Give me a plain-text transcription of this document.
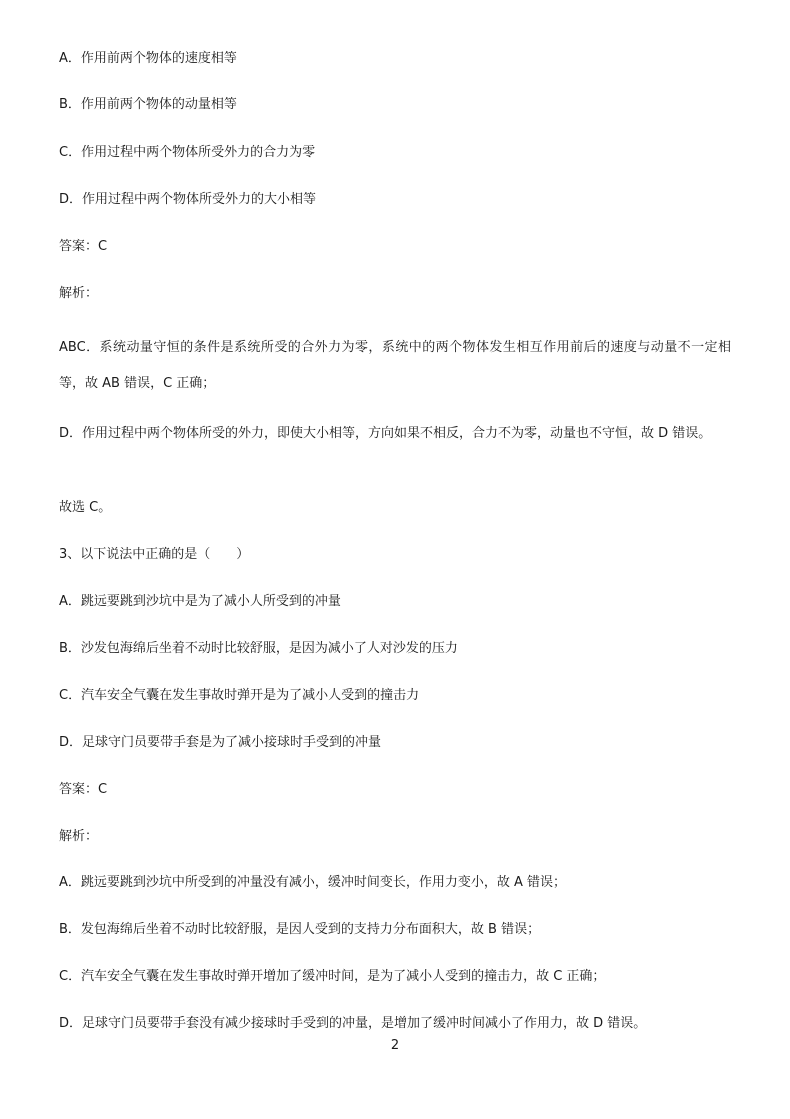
A．作用前两个物体的速度相等
B．作用前两个物体的动量相等
C．作用过程中两个物体所受外力的合力为零
D．作用过程中两个物体所受外力的大小相等
答案：C
解析：
ABC．系统动量守恒的条件是系统所受的合外力为零，系统中的两个物体发生相互作用前后的速度与动量不一定相等，故 AB 错误，C 正确；
D．作用过程中两个物体所受的外力，即使大小相等，方向如果不相反，合力不为零，动量也不守恒，故 D 错误。
故选 C。
3、以下说法中正确的是（　　）
A．跳远要跳到沙坑中是为了减小人所受到的冲量
B．沙发包海绵后坐着不动时比较舒服，是因为减小了人对沙发的压力
C．汽车安全气囊在发生事故时弹开是为了减小人受到的撞击力
D．足球守门员要带手套是为了减小接球时手受到的冲量
答案：C
解析：
A．跳远要跳到沙坑中所受到的冲量没有减小，缓冲时间变长，作用力变小，故 A 错误；
B．发包海绵后坐着不动时比较舒服，是因人受到的支持力分布面积大，故 B 错误；
C．汽车安全气囊在发生事故时弹开增加了缓冲时间，是为了减小人受到的撞击力，故 C 正确；
D．足球守门员要带手套没有减少接球时手受到的冲量，是增加了缓冲时间减小了作用力，故 D 错误。
2
